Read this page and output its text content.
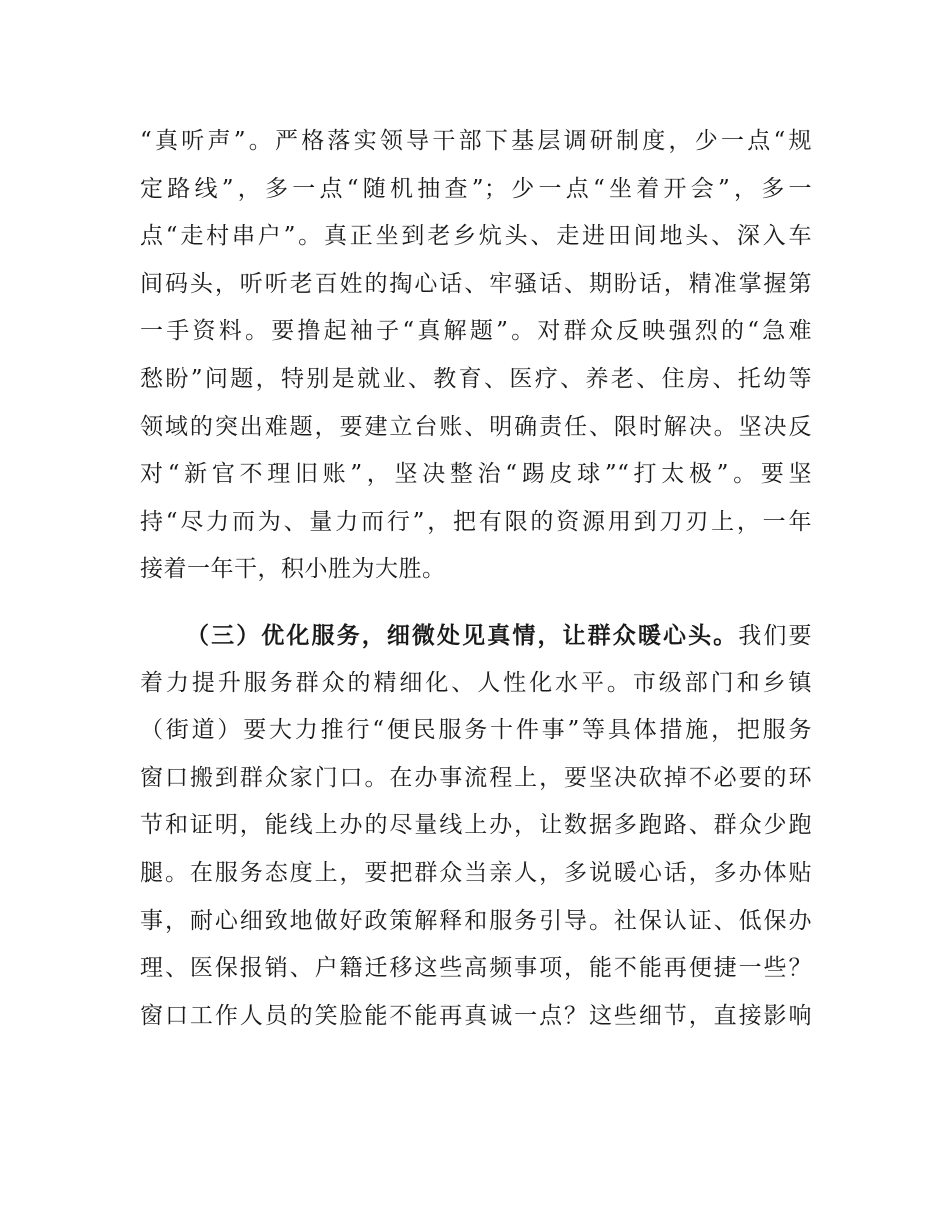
“真听声”。严格落实领导干部下基层调研制度，少一点“规
定路线”，多一点“随机抽查”；少一点“坐着开会”，多一
点“走村串户”。真正坐到老乡炕头、走进田间地头、深入车
间码头，听听老百姓的掏心话、牢骚话、期盼话，精准掌握第
一手资料。要撸起袖子“真解题”。对群众反映强烈的“急难
愁盼”问题，特别是就业、教育、医疗、养老、住房、托幼等
领域的突出难题，要建立台账、明确责任、限时解决。坚决反
对“新官不理旧账”，坚决整治“踢皮球”“打太极”。要坚
持“尽力而为、量力而行”，把有限的资源用到刀刃上，一年
接着一年干，积小胜为大胜。
（三）优化服务，细微处见真情，让群众暖心头。我们要
着力提升服务群众的精细化、人性化水平。市级部门和乡镇
（街道）要大力推行“便民服务十件事”等具体措施，把服务
窗口搬到群众家门口。在办事流程上，要坚决砍掉不必要的环
节和证明，能线上办的尽量线上办，让数据多跑路、群众少跑
腿。在服务态度上，要把群众当亲人，多说暖心话，多办体贴
事，耐心细致地做好政策解释和服务引导。社保认证、低保办
理、医保报销、户籍迁移这些高频事项，能不能再便捷一些？
窗口工作人员的笑脸能不能再真诚一点？这些细节，直接影响
